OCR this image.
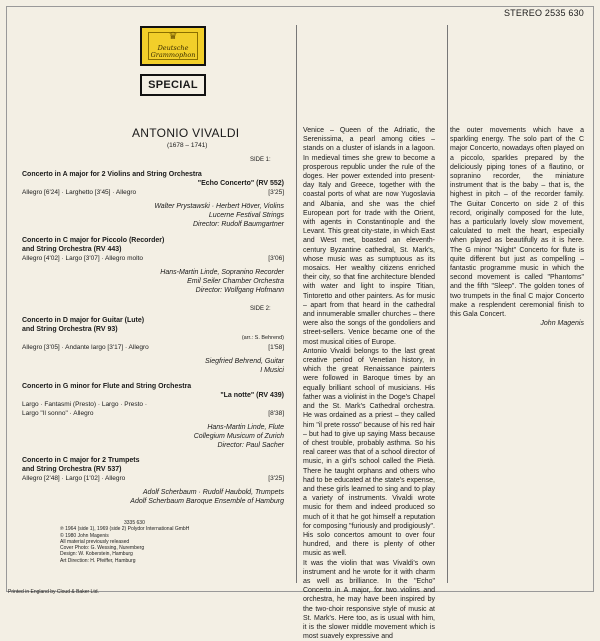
STEREO 2535 630
♛
Deutsche
Grammophon
SPECIAL
ANTONIO VIVALDI
(1678 – 1741)
SIDE 1:
SIDE 2:
Concerto in A major for 2 Violins and String Orchestra
"Echo Concerto" (RV 552)
Allegro [6'24] · Larghetto [3'45] · Allegro	[3'25]
Walter Prystawski · Herbert Höver, Violins
Lucerne Festival Strings
Director: Rudolf Baumgartner
Concerto in C major for Piccolo (Recorder)
and String Orchestra (RV 443)
Allegro [4'02] · Largo [3'07] · Allegro molto	[3'06]
Hans-Martin Linde, Sopranino Recorder
Emil Seiler Chamber Orchestra
Director: Wolfgang Hofmann
Concerto in D major for Guitar (Lute)
and String Orchestra (RV 93)
(arr.: S. Behrend)
Allegro [3'05] · Andante largo [3'17] · Allegro	[1'58]
Siegfried Behrend, Guitar
I Musici
Concerto in G minor for Flute and String Orchestra
"La notte" (RV 439)
Largo · Fantasmi (Presto) · Largo · Presto ·
Largo "Il sonno" · Allegro	[8'38]
Hans-Martin Linde, Flute
Collegium Musicum of Zurich
Director: Paul Sacher
Concerto in C major for 2 Trumpets
and String Orchestra (RV 537)
Allegro [2'48] · Largo [1'02] · Allegro	[3'25]
Adolf Scherbaum · Rudolf Haubold, Trumpets
Adolf Scherbaum Baroque Ensemble of Hamburg
3335 630
℗ 1964 (side 1), 1969 (side 2) Polydor International GmbH
© 1980 John Magenis
All material previously released
Cover Photo: G. Wessing, Nuremberg
Design: W. Koberstein, Hamburg
Art Direction: H. Pfeiffer, Hamburg
Printed in England by Cloud & Baker Ltd.

Venice – Queen of the Adriatic, the Serenissima, a pearl among cities – stands on a cluster of islands in a lagoon. In medieval times she grew to become a prosperous republic under the rule of the doges. Her power extended into present-day Italy and Greece, together with the coastal ports of what are now Yugoslavia and Albania, and she was the chief European port for trade with the Orient, with agents in Constantinople and the Levant. This great city-state, in which East and West met, boasted an eleventh-century Byzantine cathedral, St. Mark's, whose music was as sumptuous as its mosaics. Her wealthy citizens enriched their city, so that fine architecture blended with water and light to inspire Titian, Tintoretto and other painters. As for music – apart from that heard in the cathedral and innumerable smaller churches – there were also the songs of the gondoliers and street-sellers. Venice became one of the most musical cities of Europe.

Antonio Vivaldi belongs to the last great creative period of Venetian history, in which the great Renaissance painters were followed in Baroque times by an equally brilliant school of musicians. His father was a violinist in the Doge's Chapel and the St. Mark's Cathedral orchestra. He was ordained as a priest – they called him "il prete rosso" because of his red hair – but had to give up saying Mass because of chest trouble, probably asthma. So his real career was that of a school director of music, in a girl's school called the Pietà. There he taught orphans and others who had to be educated at the state's expense, and these girls learned to sing and to play a variety of instruments. Vivaldi wrote music for them and indeed produced so much of it that he got himself a reputation for composing "furiously and prodigiously". His solo concertos amount to over four hundred, and there is plenty of other music as well.

It was the violin that was Vivaldi's own instrument and he wrote for it with charm as well as brilliance. In the "Echo" Concerto in A major, for two violins and orchestra, he may have been inspired by the two-choir responsive style of music at St. Mark's. Here too, as is usual with him, it is the slower middle movement which is most suavely expressive and

the outer movements which have a sparkling energy. The solo part of the C major Concerto, nowadays often played on a piccolo, sparkles prepared by the deliciously piping tones of a flautino, or sopranino recorder, the miniature instrument that is the baby – that is, the highest in pitch – of the recorder family. The Guitar Concerto on side 2 of this record, originally composed for the lute, has a particularly lovely slow movement, calculated to melt the heart, especially when played as beautifully as it is here. The G minor "Night" Concerto for flute is quite different but just as compelling – fantastic programme music in which the second movement is called "Phantoms" and the fifth "Sleep". The golden tones of two trumpets in the final C major Concerto make a resplendent ceremonial finish to this Gala Concert.

John Magenis
